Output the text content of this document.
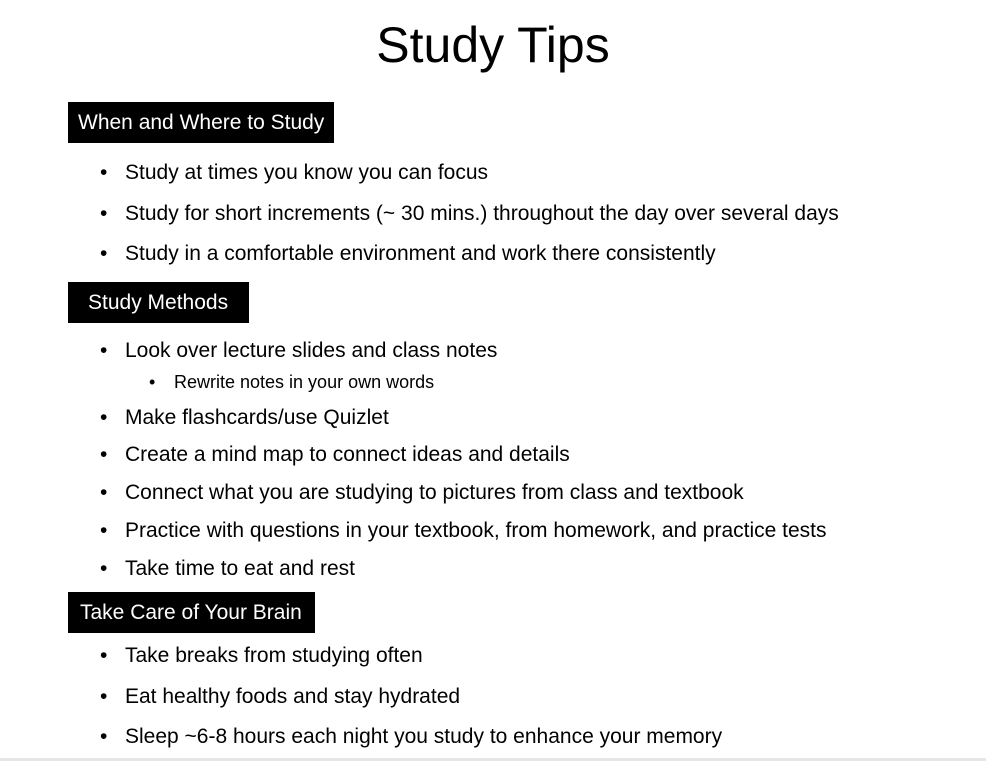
Study Tips
When and Where to Study
• Study at times you know you can focus
• Study for short increments (~ 30 mins.) throughout the day over several days
• Study in a comfortable environment and work there consistently
Study Methods
• Look over lecture slides and class notes
• Rewrite notes in your own words
• Make flashcards/use Quizlet
• Create a mind map to connect ideas and details
• Connect what you are studying to pictures from class and textbook
• Practice with questions in your textbook, from homework, and practice tests
• Take time to eat and rest
Take Care of Your Brain
• Take breaks from studying often
• Eat healthy foods and stay hydrated
• Sleep ~6-8 hours each night you study to enhance your memory
